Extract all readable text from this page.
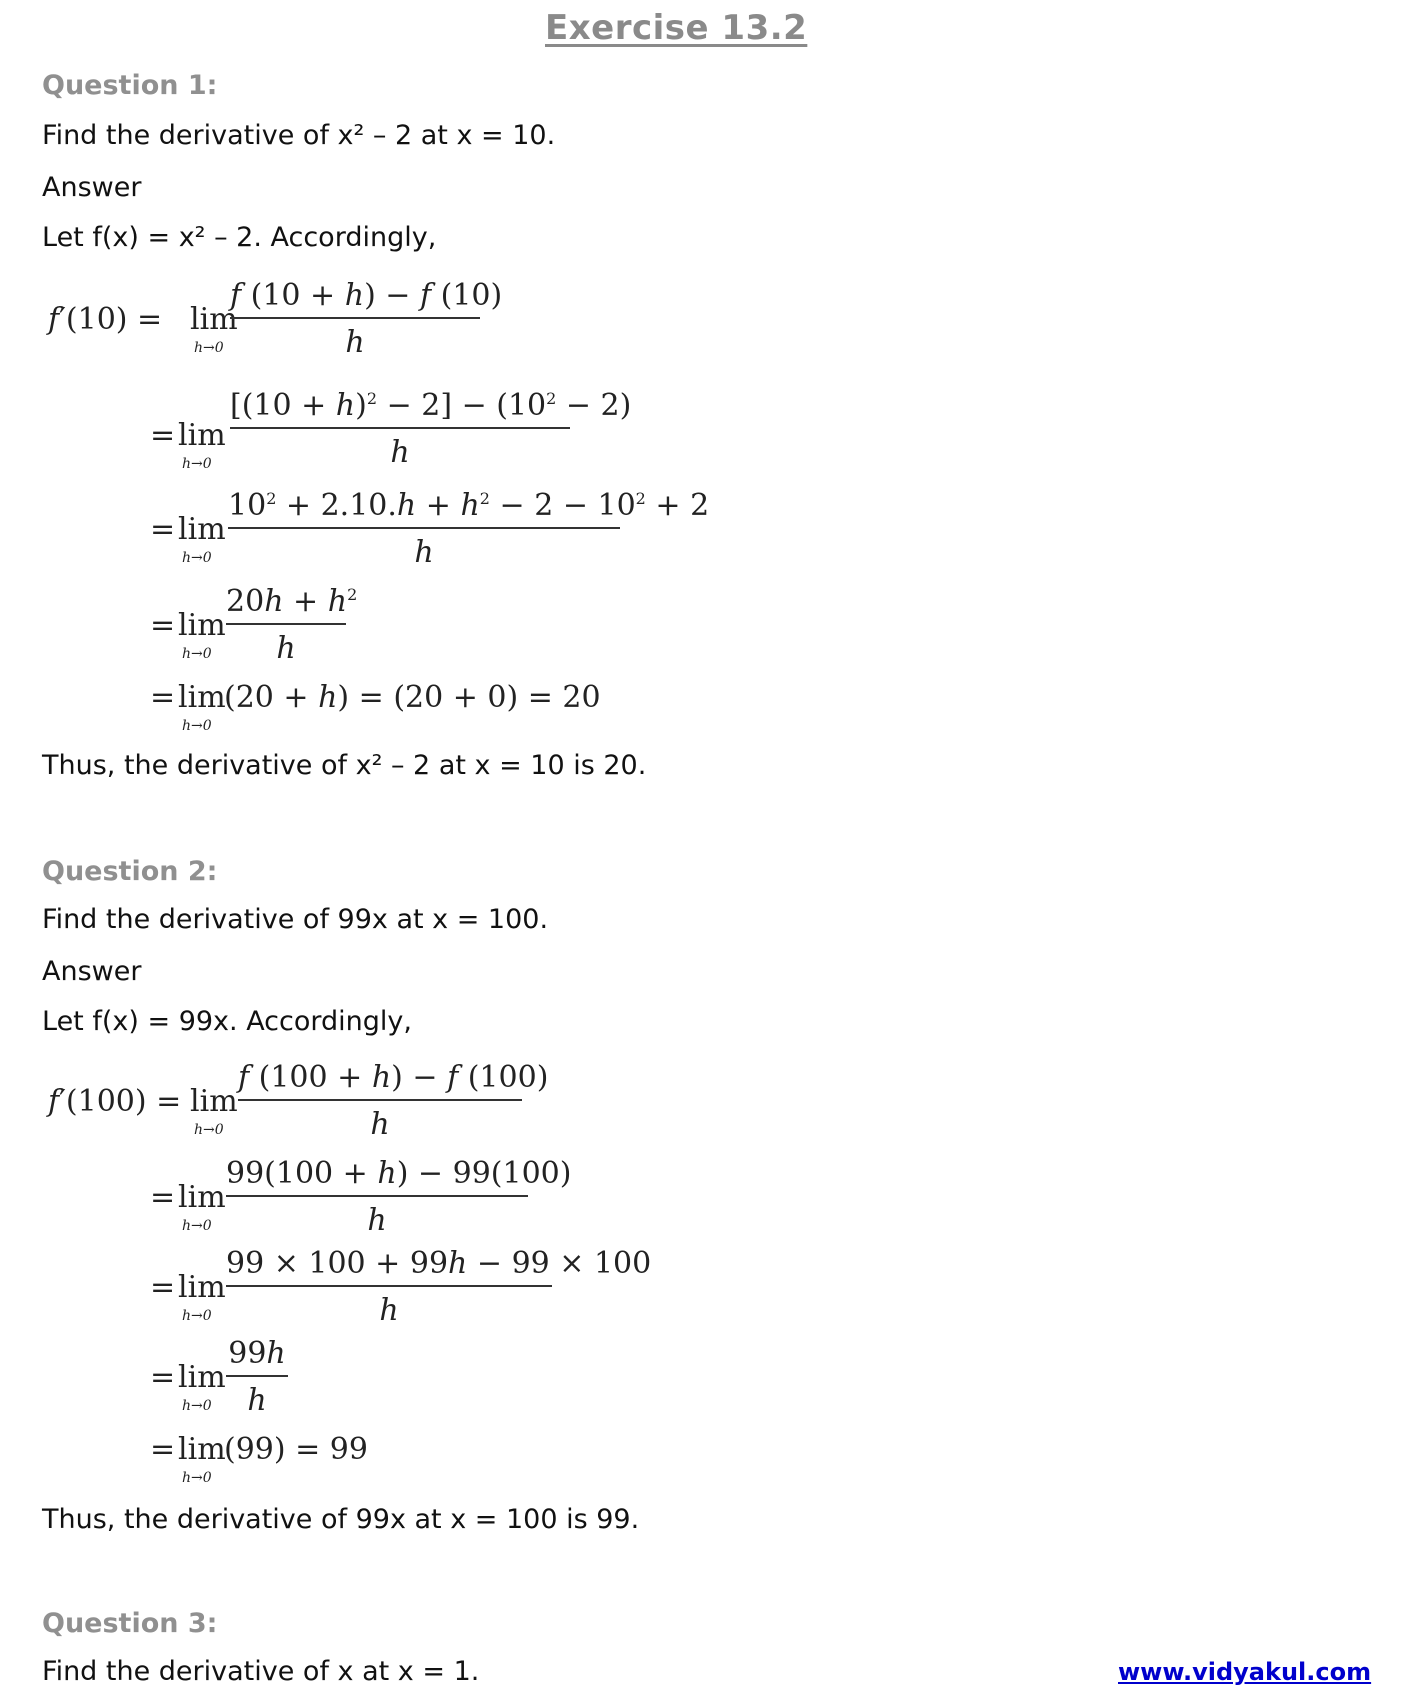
Exercise 13.2
Question 1:
Find the derivative of x² – 2 at x = 10.
Answer
Let f(x) = x² – 2. Accordingly,
f′(10) = lim
h→0
f (10 + h) − f (10)
h
= lim
h→0
$[(10 + h)^2 - 2] - (10^2 - 2)$
h
= lim
h→0
$10^2 + 2.10.h + h^2 - 2 - 10^2 + 2$
h
= lim
h→0
$20h + h^2$
h
= lim
h→0
(20 + h) = (20 + 0) = 20
Thus, the derivative of x² – 2 at x = 10 is 20.
Question 2:
Find the derivative of 99x at x = 100.
Answer
Let f(x) = 99x. Accordingly,
f′(100) = lim
h→0
f (100 + h) − f (100)
h
= lim
h→0
99(100 + h) − 99(100)
h
= lim
h→0
99 × 100 + 99h − 99 × 100
h
= lim
h→0
99h
h
= lim
h→0
(99) = 99
Thus, the derivative of 99x at x = 100 is 99.
Question 3:
Find the derivative of x at x = 1.	www.vidyakul.com
